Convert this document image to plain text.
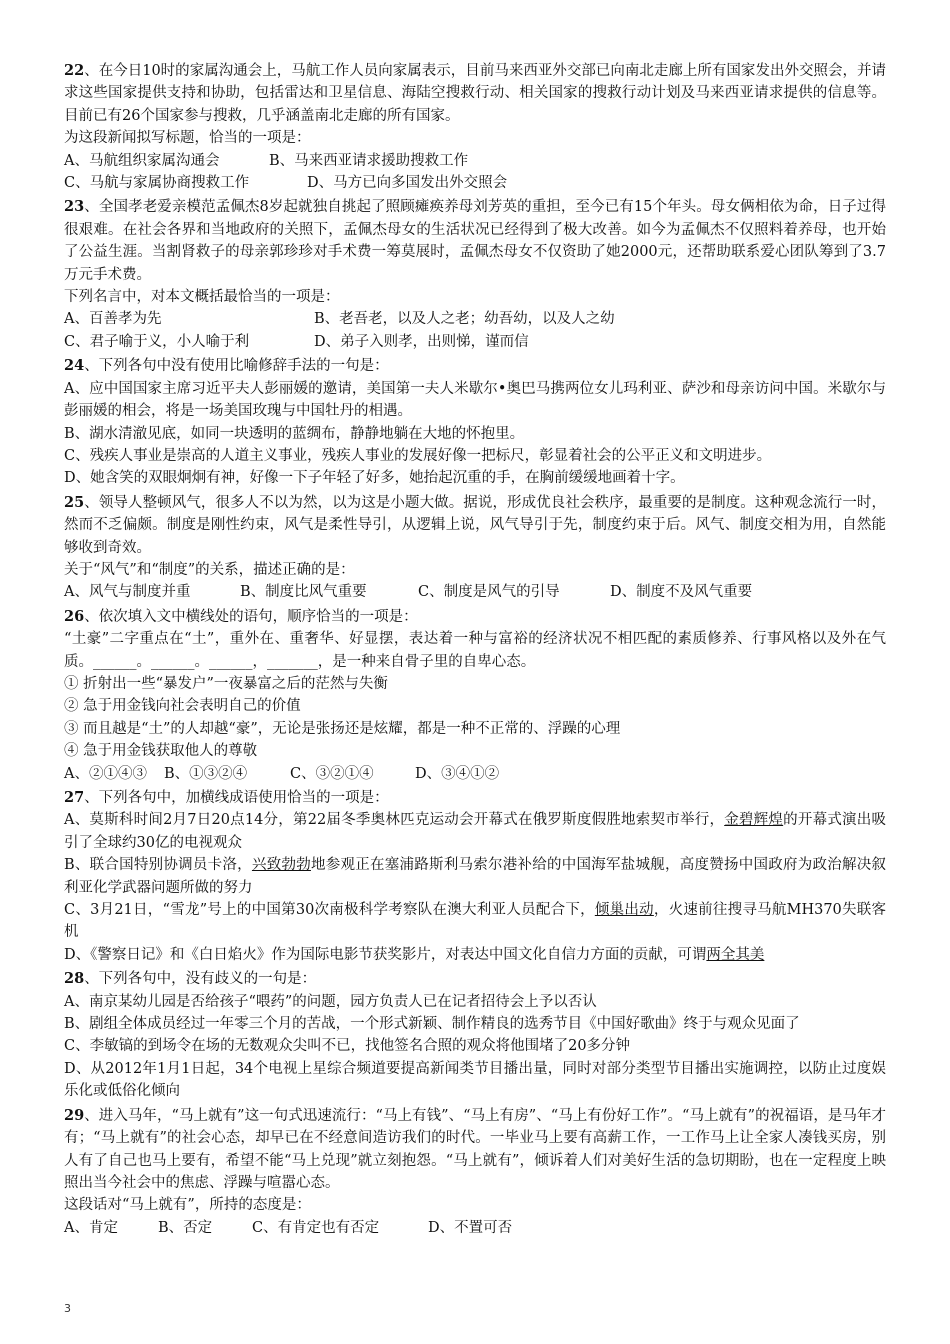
22、在今日10时的家属沟通会上，马航工作人员向家属表示，目前马来西亚外交部已向南北走廊上所有国家发出外交照会，并请求这些国家提供支持和协助，包括雷达和卫星信息、海陆空搜救行动、相关国家的搜救行动计划及马来西亚请求提供的信息等。目前已有26个国家参与搜救，几乎涵盖南北走廊的所有国家。

为这段新闻拟写标题，恰当的一项是：

A、马航组织家属沟通会	B、马来西亚请求援助搜救工作
C、马航与家属协商搜救工作	D、马方已向多国发出外交照会

23、全国孝老爱亲模范孟佩杰8岁起就独自挑起了照顾瘫痪养母刘芳英的重担，至今已有15个年头。母女俩相依为命，日子过得很艰难。在社会各界和当地政府的关照下，孟佩杰母女的生活状况已经得到了极大改善。如今为孟佩杰不仅照料着养母，也开始了公益生涯。当割肾救子的母亲郭珍珍对手术费一筹莫展时，孟佩杰母女不仅资助了她2000元，还帮助联系爱心团队筹到了3.7万元手术费。

下列名言中，对本文概括最恰当的一项是：

A、百善孝为先	B、老吾老，以及人之老；幼吾幼，以及人之幼
C、君子喻于义，小人喻于利	D、弟子入则孝，出则悌，谨而信

24、下列各句中没有使用比喻修辞手法的一句是：

A、应中国国家主席习近平夫人彭丽媛的邀请，美国第一夫人米歇尔•奥巴马携两位女儿玛利亚、萨沙和母亲访问中国。米歇尔与彭丽媛的相会，将是一场美国玫瑰与中国牡丹的相遇。

B、湖水清澈见底，如同一块透明的蓝绸布，静静地躺在大地的怀抱里。

C、残疾人事业是崇高的人道主义事业，残疾人事业的发展好像一把标尺，彰显着社会的公平正义和文明进步。

D、她含笑的双眼炯炯有神，好像一下子年轻了好多，她抬起沉重的手，在胸前缓缓地画着十字。

25、领导人整顿风气，很多人不以为然，以为这是小题大做。据说，形成优良社会秩序，最重要的是制度。这种观念流行一时，然而不乏偏颇。制度是刚性约束，风气是柔性导引，从逻辑上说，风气导引于先，制度约束于后。风气、制度交相为用，自然能够收到奇效。

关于“风气”和“制度”的关系，描述正确的是：

A、风气与制度并重	B、制度比风气重要	C、制度是风气的引导	D、制度不及风气重要

26、依次填入文中横线处的语句，顺序恰当的一项是：

“土豪”二字重点在“土”，重外在、重奢华、好显摆，表达着一种与富裕的经济状况不相匹配的素质修养、行事风格以及外在气质。______。______。______，_______，是一种来自骨子里的自卑心态。

① 折射出一些“暴发户”一夜暴富之后的茫然与失衡

② 急于用金钱向社会表明自己的价值

③ 而且越是“土”的人却越“豪”，无论是张扬还是炫耀，都是一种不正常的、浮躁的心理

④ 急于用金钱获取他人的尊敬

A、②①④③	B、①③②④	C、③②①④	D、③④①②

27、下列各句中，加横线成语使用恰当的一项是：

A、莫斯科时间2月7日20点14分，第22届冬季奥林匹克运动会开幕式在俄罗斯度假胜地索契市举行，金碧辉煌的开幕式演出吸引了全球约30亿的电视观众

B、联合国特别协调员卡洛，兴致勃勃地参观正在塞浦路斯利马索尔港补给的中国海军盐城舰，高度赞扬中国政府为政治解决叙利亚化学武器问题所做的努力

C、3月21日，“雪龙”号上的中国第30次南极科学考察队在澳大利亚人员配合下，倾巢出动，火速前往搜寻马航MH370失联客机

D、《警察日记》和《白日焰火》作为国际电影节获奖影片，对表达中国文化自信力方面的贡献，可谓两全其美

28、下列各句中，没有歧义的一句是：

A、南京某幼儿园是否给孩子“喂药”的问题，园方负责人已在记者招待会上予以否认

B、剧组全体成员经过一年零三个月的苦战，一个形式新颖、制作精良的选秀节目《中国好歌曲》终于与观众见面了

C、李敏镐的到场令在场的无数观众尖叫不已，找他签名合照的观众将他围堵了20多分钟

D、从2012年1月1日起，34个电视上星综合频道要提高新闻类节目播出量，同时对部分类型节目播出实施调控，以防止过度娱乐化或低俗化倾向

29、进入马年，“马上就有”这一句式迅速流行：“马上有钱”、“马上有房”、“马上有份好工作”。“马上就有”的祝福语，是马年才有；“马上就有”的社会心态，却早已在不经意间造访我们的时代。一毕业马上要有高薪工作，一工作马上让全家人凑钱买房，别人有了自己也马上要有，希望不能“马上兑现”就立刻抱怨。“马上就有”，倾诉着人们对美好生活的急切期盼，也在一定程度上映照出当今社会中的焦虑、浮躁与喧嚣心态。

这段话对“马上就有”，所持的态度是：

A、肯定	B、否定	C、有肯定也有否定	D、不置可否
3
